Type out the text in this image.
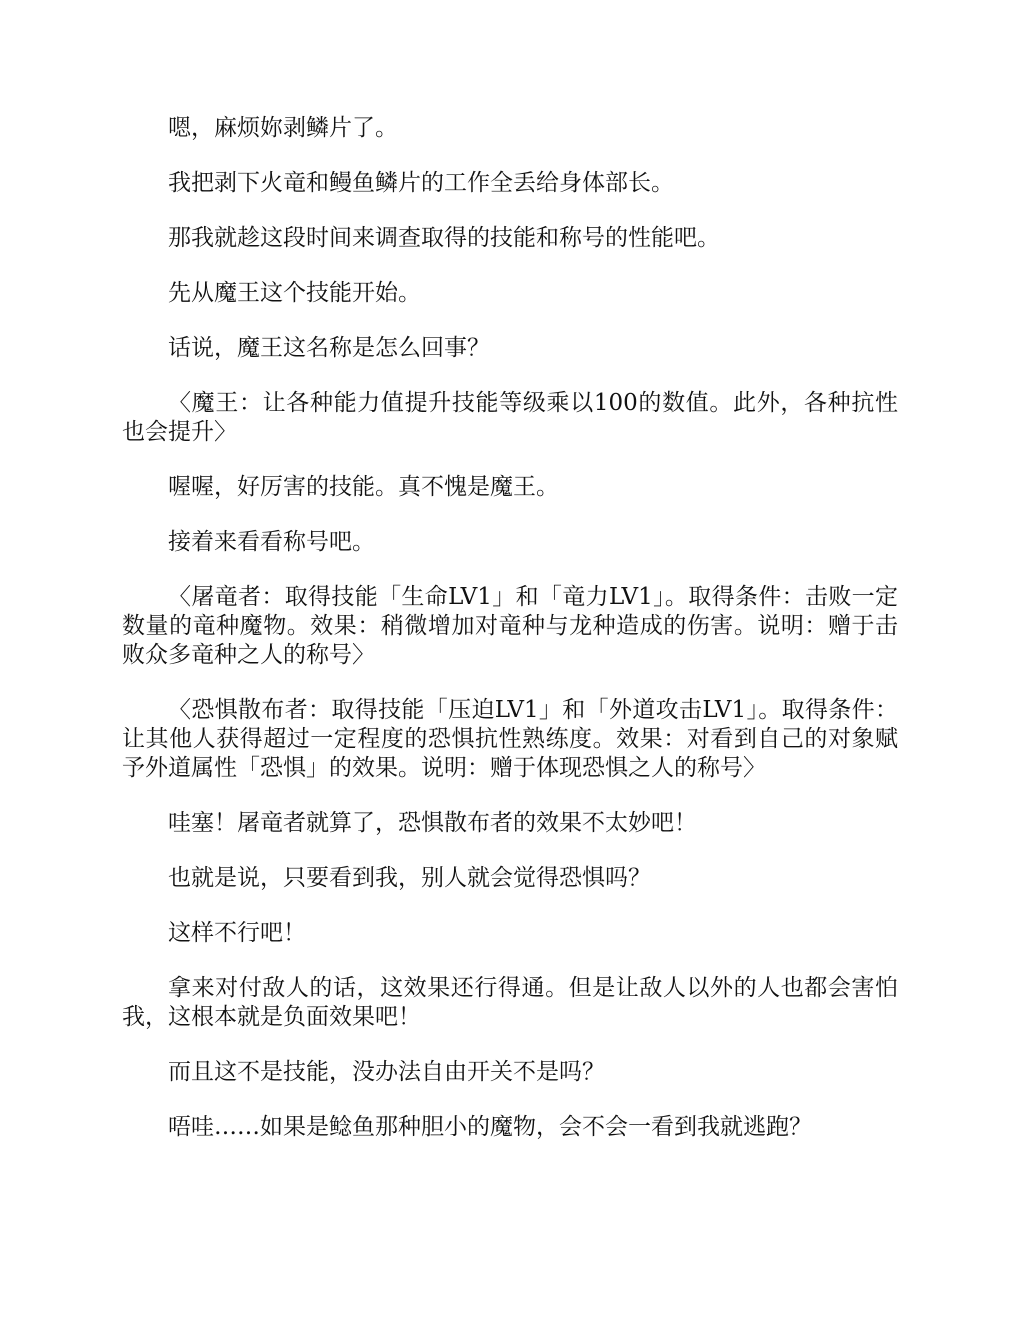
嗯，麻烦妳剥鳞片了。

我把剥下火竜和鳗鱼鳞片的工作全丢给身体部长。

那我就趁这段时间来调查取得的技能和称号的性能吧。

先从魔王这个技能开始。

话说，魔王这名称是怎么回事？

〈魔王：让各种能力值提升技能等级乘以100的数值。此外，各种抗性也会提升〉

喔喔，好厉害的技能。真不愧是魔王。

接着来看看称号吧。

〈屠竜者：取得技能「生命LV1」和「竜力LV1」。取得条件：击败一定数量的竜种魔物。效果：稍微增加对竜种与龙种造成的伤害。说明：赠于击败众多竜种之人的称号〉

〈恐惧散布者：取得技能「压迫LV1」和「外道攻击LV1」。取得条件：让其他人获得超过一定程度的恐惧抗性熟练度。效果：对看到自己的对象赋予外道属性「恐惧」的效果。说明：赠于体现恐惧之人的称号〉

哇塞！屠竜者就算了，恐惧散布者的效果不太妙吧！

也就是说，只要看到我，别人就会觉得恐惧吗？

这样不行吧！

拿来对付敌人的话，这效果还行得通。但是让敌人以外的人也都会害怕我，这根本就是负面效果吧！

而且这不是技能，没办法自由开关不是吗？

唔哇……如果是鲶鱼那种胆小的魔物，会不会一看到我就逃跑？
